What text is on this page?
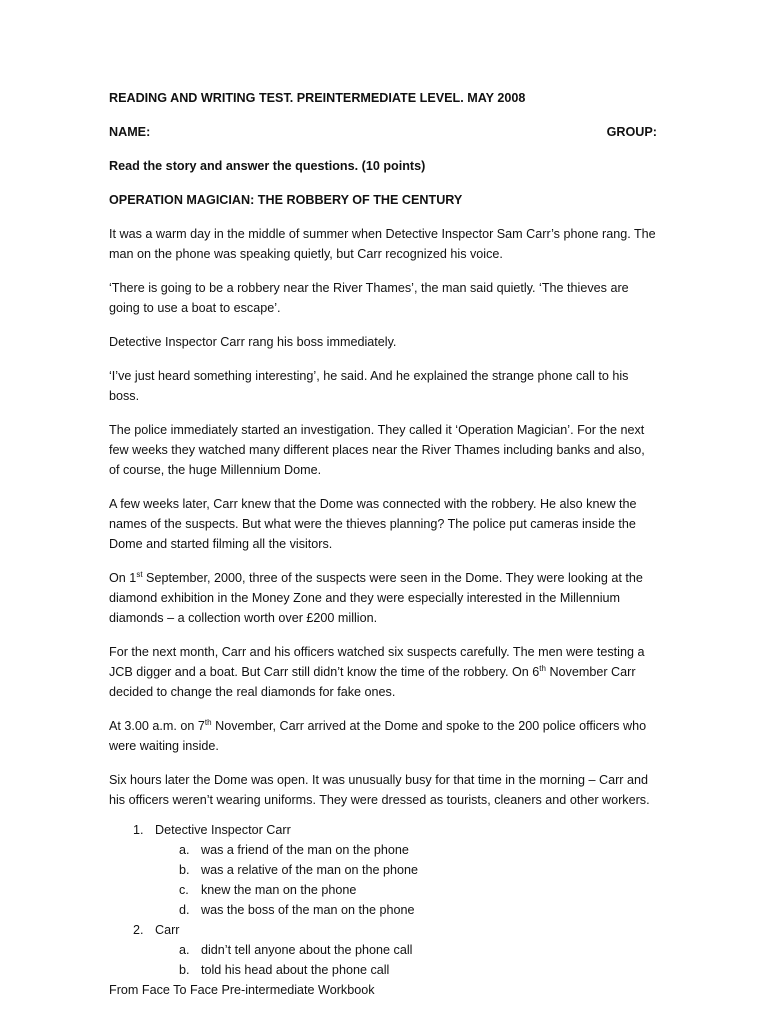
READING AND WRITING TEST. PREINTERMEDIATE LEVEL. MAY 2008

NAME:	GROUP:

Read the story and answer the questions. (10 points)

OPERATION MAGICIAN: THE ROBBERY OF THE CENTURY

It was a warm day in the middle of summer when Detective Inspector Sam Carr’s phone rang. The man on the phone was speaking quietly, but Carr recognized his voice.

‘There is going to be a robbery near the River Thames’, the man said quietly. ‘The thieves are going to use a boat to escape’.

Detective Inspector Carr rang his boss immediately.

‘I’ve just heard something interesting’, he said. And he explained the strange phone call to his boss.

The police immediately started an investigation. They called it ‘Operation Magician’. For the next few weeks they watched many different places near the River Thames including banks and also, of course, the huge Millennium Dome.

A few weeks later, Carr knew that the Dome was connected with the robbery. He also knew the names of the suspects. But what were the thieves planning? The police put cameras inside the Dome and started filming all the visitors.

On 1st September, 2000, three of the suspects were seen in the Dome. They were looking at the diamond exhibition in the Money Zone and they were especially interested in the Millennium diamonds – a collection worth over £200 million.

For the next month, Carr and his officers watched six suspects carefully. The men were testing a JCB digger and a boat. But Carr still didn’t know the time of the robbery. On 6th November Carr decided to change the real diamonds for fake ones.

At 3.00 a.m. on 7th November, Carr arrived at the Dome and spoke to the 200 police officers who were waiting inside.

Six hours later the Dome was open. It was unusually busy for that time in the morning – Carr and his officers weren’t wearing uniforms. They were dressed as tourists, cleaners and other workers.

1. Detective Inspector Carr
a. was a friend of the man on the phone
b. was a relative of the man on the phone
c. knew the man on the phone
d. was the boss of the man on the phone
2. Carr
a. didn’t tell anyone about the phone call
b. told his head about the phone call

From Face To Face Pre-intermediate Workbook
